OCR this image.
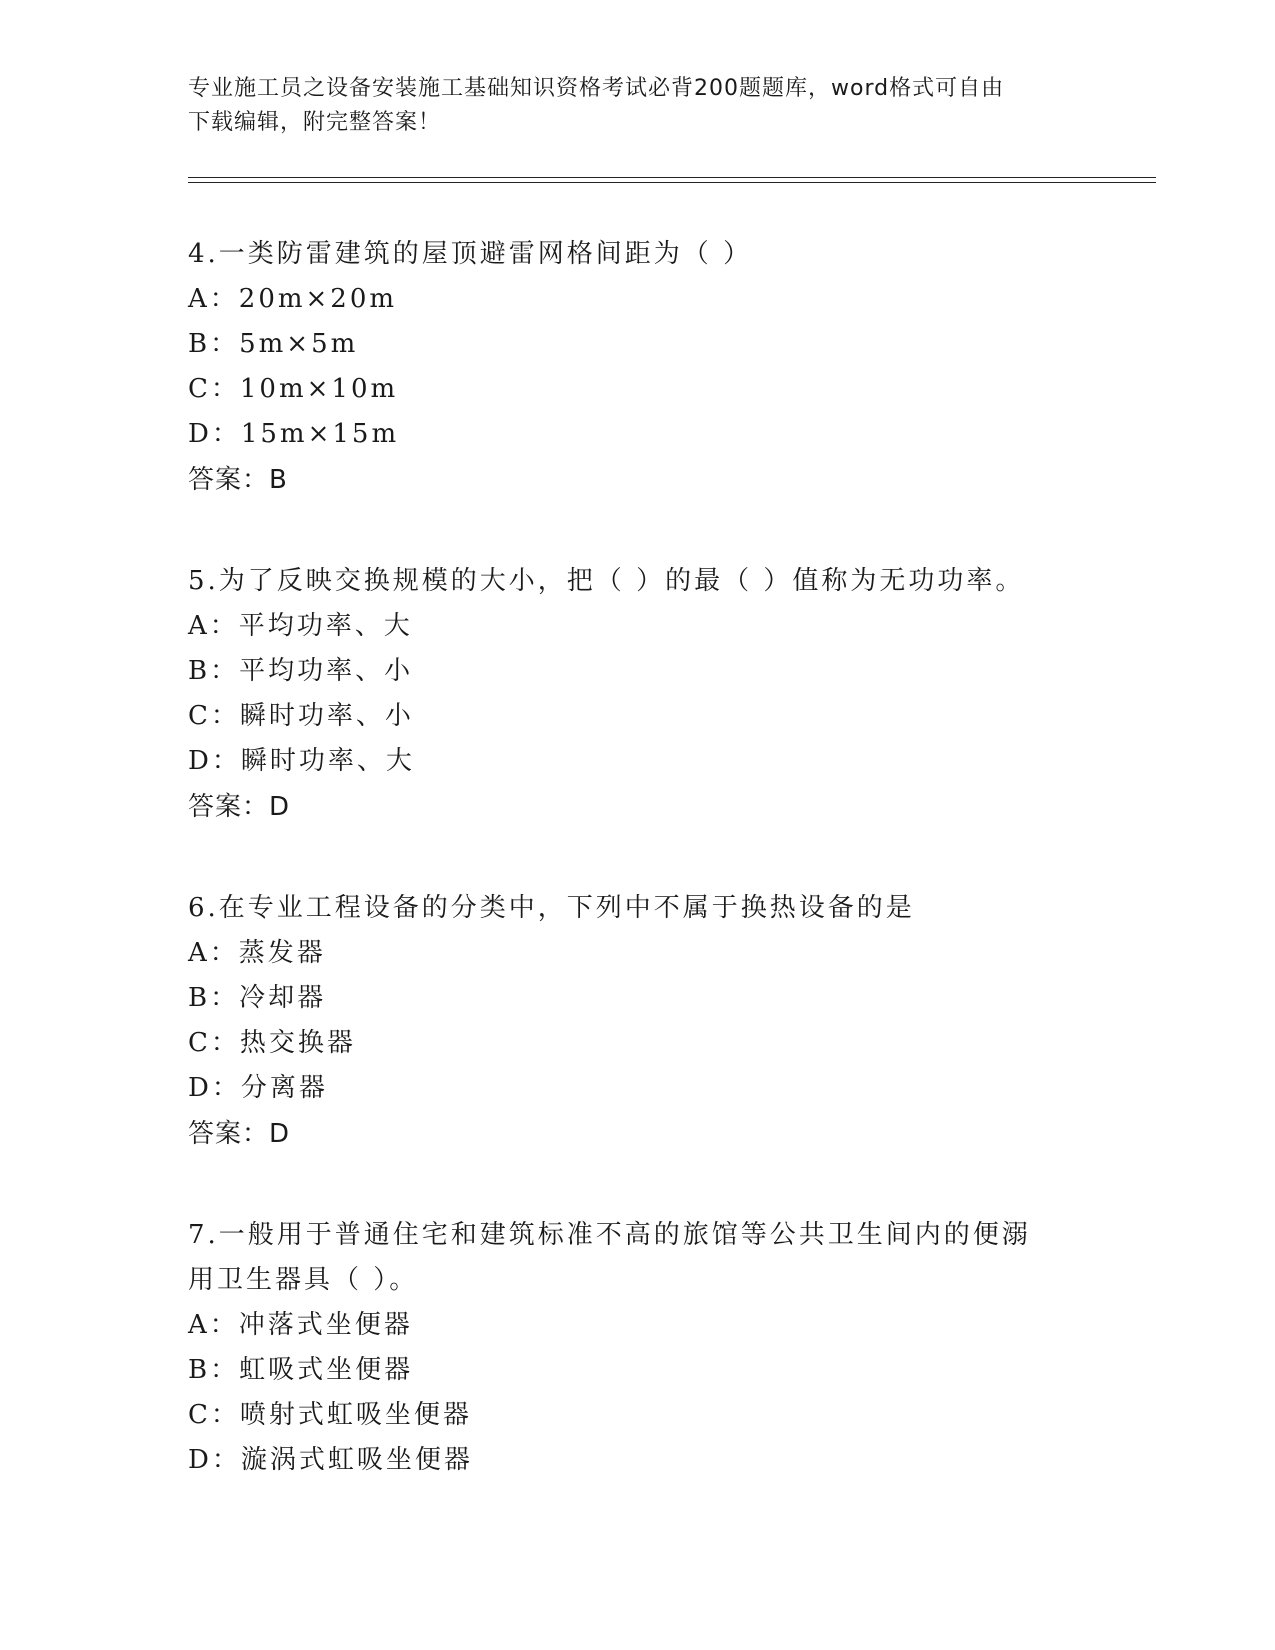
专业施工员之设备安装施工基础知识资格考试必背200题题库，word格式可自由
下载编辑，附完整答案！
4.一类防雷建筑的屋顶避雷网格间距为（ ）
A：20m×20m
B：5m×5m
C：10m×10m
D：15m×15m
答案：B
5.为了反映交换规模的大小，把（ ）的最（ ）值称为无功功率。
A：平均功率、大
B：平均功率、小
C：瞬时功率、小
D：瞬时功率、大
答案：D
6.在专业工程设备的分类中，下列中不属于换热设备的是
A：蒸发器
B：冷却器
C：热交换器
D：分离器
答案：D
7.一般用于普通住宅和建筑标准不高的旅馆等公共卫生间内的便溺用卫生器具（ ）。
A：冲落式坐便器
B：虹吸式坐便器
C：喷射式虹吸坐便器
D：漩涡式虹吸坐便器
